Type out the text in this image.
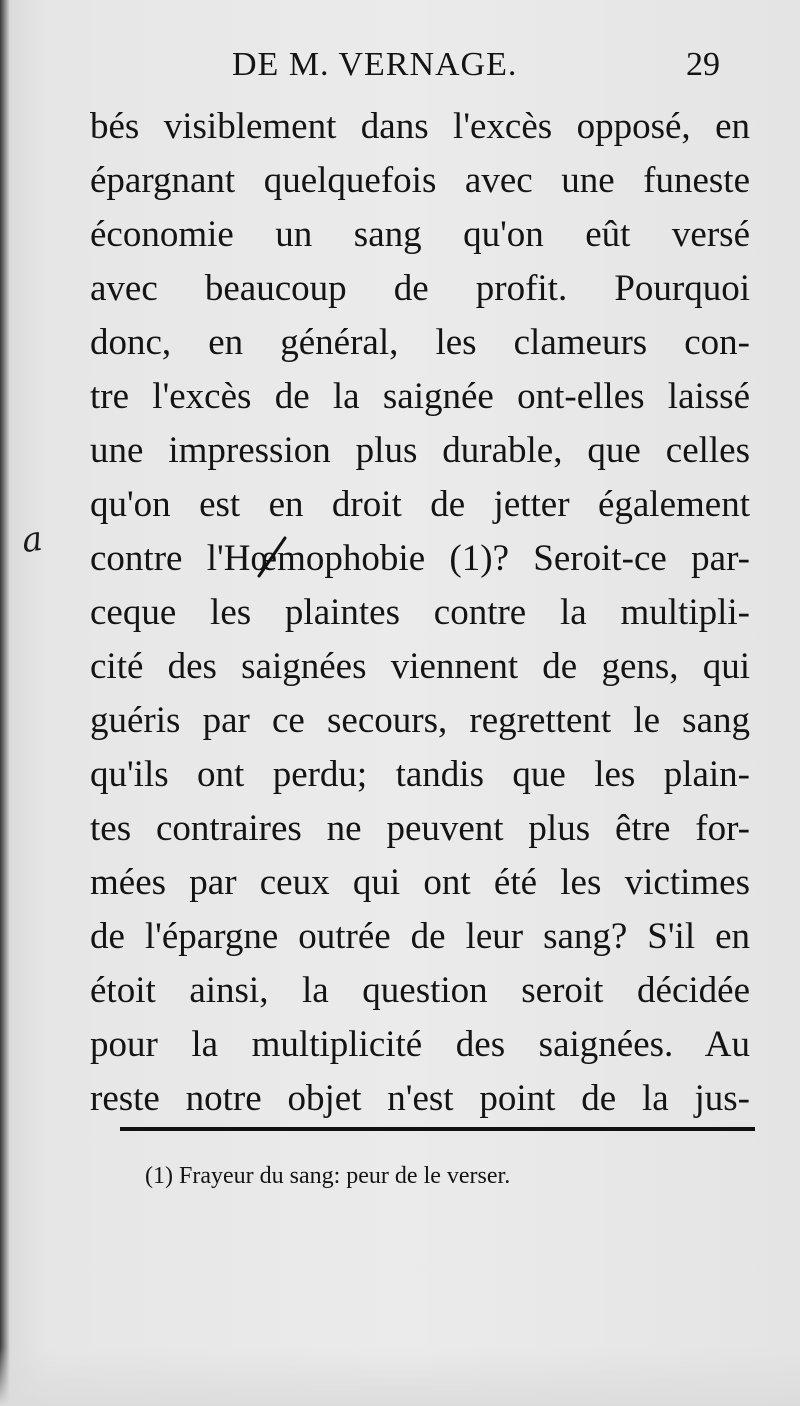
DE M. VERNAGE.	29
bés visiblement dans l'excès opposé, en
épargnant quelquefois avec une funeste
économie un sang qu'on eût versé
avec beaucoup de profit. Pourquoi
donc, en général, les clameurs con-
tre l'excès de la saignée ont-elles laissé
une impression plus durable, que celles
qu'on est en droit de jetter également
contre l'Hœmophobie (1)? Seroit-ce par-
ceque les plaintes contre la multipli-
cité des saignées viennent de gens, qui
guéris par ce secours, regrettent le sang
qu'ils ont perdu; tandis que les plain-
tes contraires ne peuvent plus être for-
mées par ceux qui ont été les victimes
de l'épargne outrée de leur sang? S'il en
étoit ainsi, la question seroit décidée
pour la multiplicité des saignées. Au
reste notre objet n'est point de la jus-
a
(1) Frayeur du sang: peur de le verser.
